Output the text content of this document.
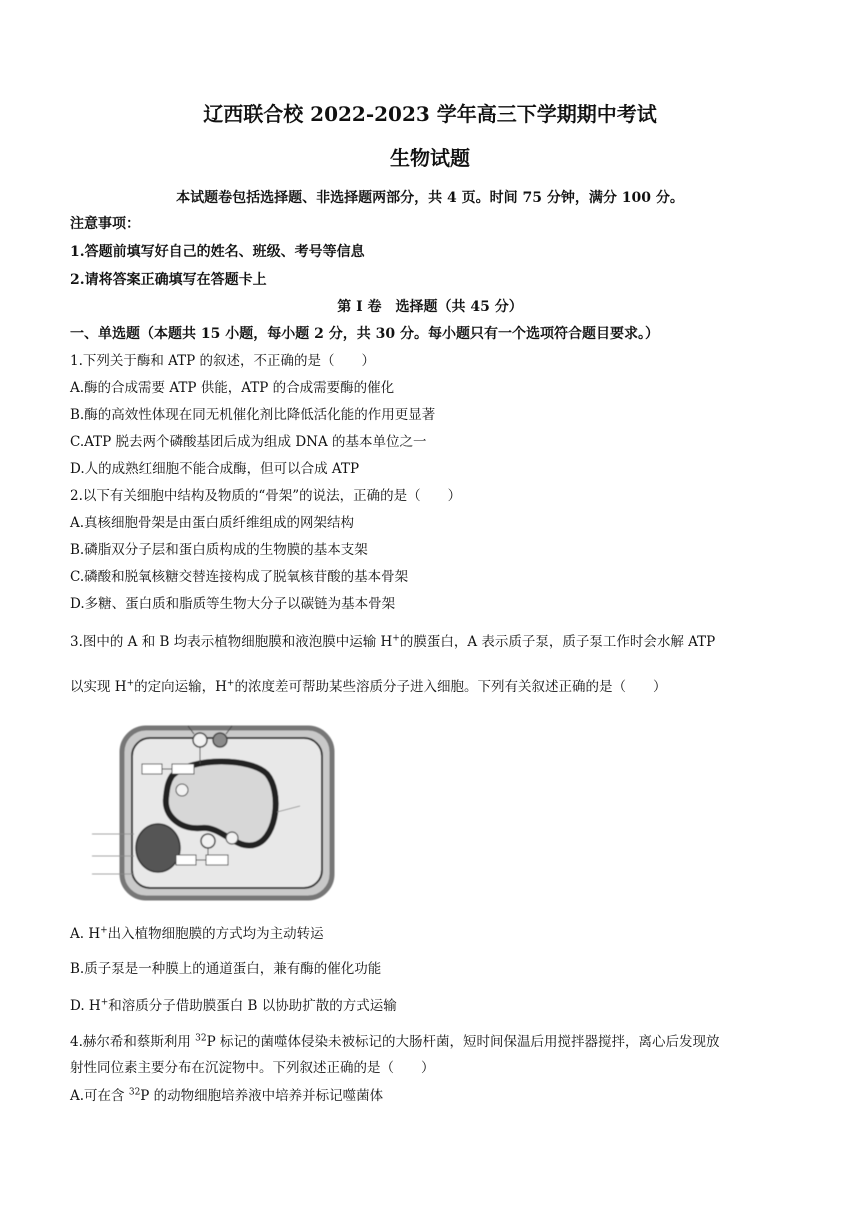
辽西联合校 2022-2023 学年高三下学期期中考试
生物试题
本试题卷包括选择题、非选择题两部分，共 4 页。时间 75 分钟，满分 100 分。
注意事项：
1.答题前填写好自己的姓名、班级、考号等信息
2.请将答案正确填写在答题卡上
第 I 卷　选择题（共 45 分）
一、单选题（本题共 15 小题，每小题 2 分，共 30 分。每小题只有一个选项符合题目要求。）
1.下列关于酶和 ATP 的叙述，不正确的是（　　）
A.酶的合成需要 ATP 供能，ATP 的合成需要酶的催化
B.酶的高效性体现在同无机催化剂比降低活化能的作用更显著
C.ATP 脱去两个磷酸基团后成为组成 DNA 的基本单位之一
D.人的成熟红细胞不能合成酶，但可以合成 ATP
2.以下有关细胞中结构及物质的“骨架”的说法，正确的是（　　）
A.真核细胞骨架是由蛋白质纤维组成的网架结构
B.磷脂双分子层和蛋白质构成的生物膜的基本支架
C.磷酸和脱氧核糖交替连接构成了脱氧核苷酸的基本骨架
D.多糖、蛋白质和脂质等生物大分子以碳链为基本骨架
3.图中的 A 和 B 均表示植物细胞膜和液泡膜中运输 H+的膜蛋白，A 表示质子泵，质子泵工作时会水解 ATP
以实现 H+的定向运输，H+的浓度差可帮助某些溶质分子进入细胞。下列有关叙述正确的是（　　）
A. H+出入植物细胞膜的方式均为主动转运
B.质子泵是一种膜上的通道蛋白，兼有酶的催化功能
D. H+和溶质分子借助膜蛋白 B 以协助扩散的方式运输
4.赫尔希和蔡斯利用 $^{32}$P 标记的菌噬体侵染未被标记的大肠杆菌，短时间保温后用搅拌器搅拌，离心后发现放
射性同位素主要分布在沉淀物中。下列叙述正确的是（　　）
A.可在含 $^{32}$P 的动物细胞培养液中培养并标记噬菌体
